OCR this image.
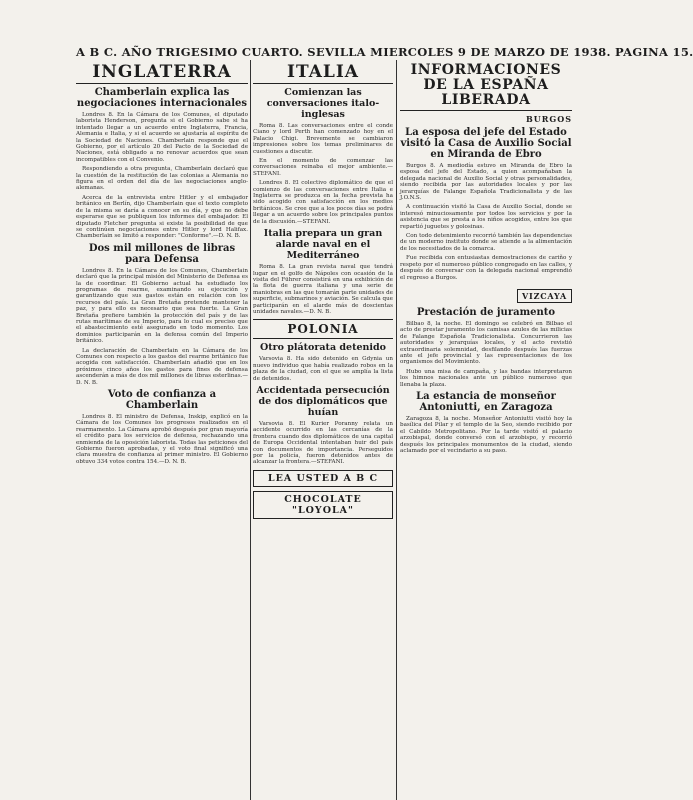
A B C. AÑO TRIGESIMO CUARTO. SEVILLA MIERCOLES 9 DE MARZO DE 1938. PAGINA 15.
INGLATERRA
Chamberlain explica las negociaciones internacionales

Londres 8. En la Cámara de los Comunes, el diputado laborista Henderson, pregunta si el Gobierno sabe si ha intentado llegar a un acuerdo entre Inglaterra, Francia, Alemania e Italia, y si el acuerdo se ajustaría al espíritu de la Sociedad de Naciones. Chamberlain responde que el Gobierno, por el artículo 20 del Pacto de la Sociedad de Naciones, está obligado a no renovar acuerdos que sean incompatibles con el Convenio.

Respondiendo a otra pregunta, Chamberlain declaró que la cuestión de la restitución de las colonias a Alemania no figura en el orden del día de las negociaciones anglo-alemanas.

Acerca de la entrevista entre Hitler y el embajador británico en Berlín, dijo Chamberlain que el texto completo de la misma se daría a conocer en su día, y que no debe esperarse que se publiquen los informes del embajador. El diputado Fletcher pregunta si existe la posibilidad de que se continúen negociaciones entre Hitler y lord Halifax. Chamberlain se limitó a responder: "Conforme".—D. N. B.

Dos mil millones de libras para Defensa

Londres 8. En la Cámara de los Comunes, Chamberlain declaró que la principal misión del Ministerio de Defensa es la de coordinar. El Gobierno actual ha estudiado los programas de rearme, examinando su ejecución y garantizando que sus gastos están en relación con los recursos del país. La Gran Bretaña pretende mantener la paz, y para ello es necesario que sea fuerte. La Gran Bretaña prefiere también la protección del país y de las rutas marítimas de su Imperio, para lo cual es preciso que el abastecimiento esté asegurado en todo momento. Los dominios participarán en la defensa común del Imperio británico.

La declaración de Chamberlain en la Cámara de los Comunes con respecto a los gastos del rearme británico fue acogida con satisfacción. Chamberlain añadió que en los próximos cinco años los gastos para fines de defensa ascenderán a más de dos mil millones de libras esterlinas.—D. N. B.

Voto de confianza a Chamberlain

Londres 8. El ministro de Defensa, Inskip, explicó en la Cámara de los Comunes los progresos realizados en el rearmamento. La Cámara aprobó después por gran mayoría el crédito para los servicios de defensa, rechazando una enmienda de la oposición laborista. Todas las peticiones del Gobierno fueron aprobadas, y el voto final significó una clara muestra de confianza al primer ministro. El Gobierno obtuvo 334 votos contra 154.—D. N. B.

ITALIA
Comienzan las conversaciones italo-inglesas

Roma 8. Las conversaciones entre el conde Ciano y lord Perth han comenzado hoy en el Palacio Chigi. Brevemente se cambiaron impresiones sobre los temas preliminares de cuestiones a discutir.

En el momento de comenzar las conversaciones reinaba el mejor ambiente.—STEFANI.

Londres 8. El colectivo diplomático de que el comienzo de las conversaciones entre Italia e Inglaterra se produzca en la fecha prevista ha sido acogido con satisfacción en los medios británicos. Se cree que a los pocos días se podrá llegar a un acuerdo sobre los principales puntos de la discusión.—STEFANI.

Italia prepara un gran alarde naval en el Mediterráneo

Roma 8. La gran revista naval que tendrá lugar en el golfo de Nápoles con ocasión de la visita del Führer consistirá en una exhibición de la flota de guerra italiana y una serie de maniobras en las que tomarán parte unidades de superficie, submarinos y aviación. Se calcula que participarán en el alarde más de doscientas unidades navales.—D. N. B.

POLONIA
Otro plátorata detenido

Varsovia 8. Ha sido detenido en Gdynia un nuevo individuo que había realizado robos en la plaza de la ciudad, con el que se amplía la lista de detenidos.

Accidentada persecución de dos diplomáticos que huían

Varsovia 8. El Kurier Poranny relata un accidente ocurrido en las cercanías de la frontera cuando dos diplomáticos de una capital de Europa Occidental intentaban huir del país con documentos de importancia. Perseguidos por la policía, fueron detenidos antes de alcanzar la frontera.—STEFANI.

LEA USTED A B C
CHOCOLATE "LOYOLA"
INFORMACIONES DE LA ESPAÑA LIBERADA
BURGOS
La esposa del jefe del Estado visitó la Casa de Auxilio Social en Miranda de Ebro

Burgos 8. A mediodía estuvo en Miranda de Ebro la esposa del jefe del Estado, a quien acompañaban la delegada nacional de Auxilio Social y otras personalidades, siendo recibida por las autoridades locales y por las jerarquías de Falange Española Tradicionalista y de las J.O.N.S.

A continuación visitó la Casa de Auxilio Social, donde se interesó minuciosamente por todos los servicios y por la asistencia que se presta a los niños acogidos, entre los que repartió juguetes y golosinas.

Con todo detenimiento recorrió también las dependencias de un moderno instituto donde se atiende a la alimentación de los necesitados de la comarca.

Fue recibida con entusiastas demostraciones de cariño y respeto por el numeroso público congregado en las calles, y después de conversar con la delegada nacional emprendió el regreso a Burgos.

VIZCAYA
Prestación de juramento

Bilbao 8, la noche. El domingo se celebró en Bilbao el acto de prestar juramento los camisas azules de las milicias de Falange Española Tradicionalista. Concurrieron las autoridades y jerarquías locales, y el acto revistió extraordinaria solemnidad, desfilando después las fuerzas ante el jefe provincial y las representaciones de los organismos del Movimiento.

Hubo una misa de campaña, y las bandas interpretaron los himnos nacionales ante un público numeroso que llenaba la plaza.

La estancia de monseñor Antoniutti, en Zaragoza

Zaragoza 8, la noche. Monseñor Antoniutti visitó hoy la basílica del Pilar y el templo de la Seo, siendo recibido por el Cabildo Metropolitano. Por la tarde visitó el palacio arzobispal, donde conversó con el arzobispo, y recorrió después los principales monumentos de la ciudad, siendo aclamado por el vecindario a su paso.
